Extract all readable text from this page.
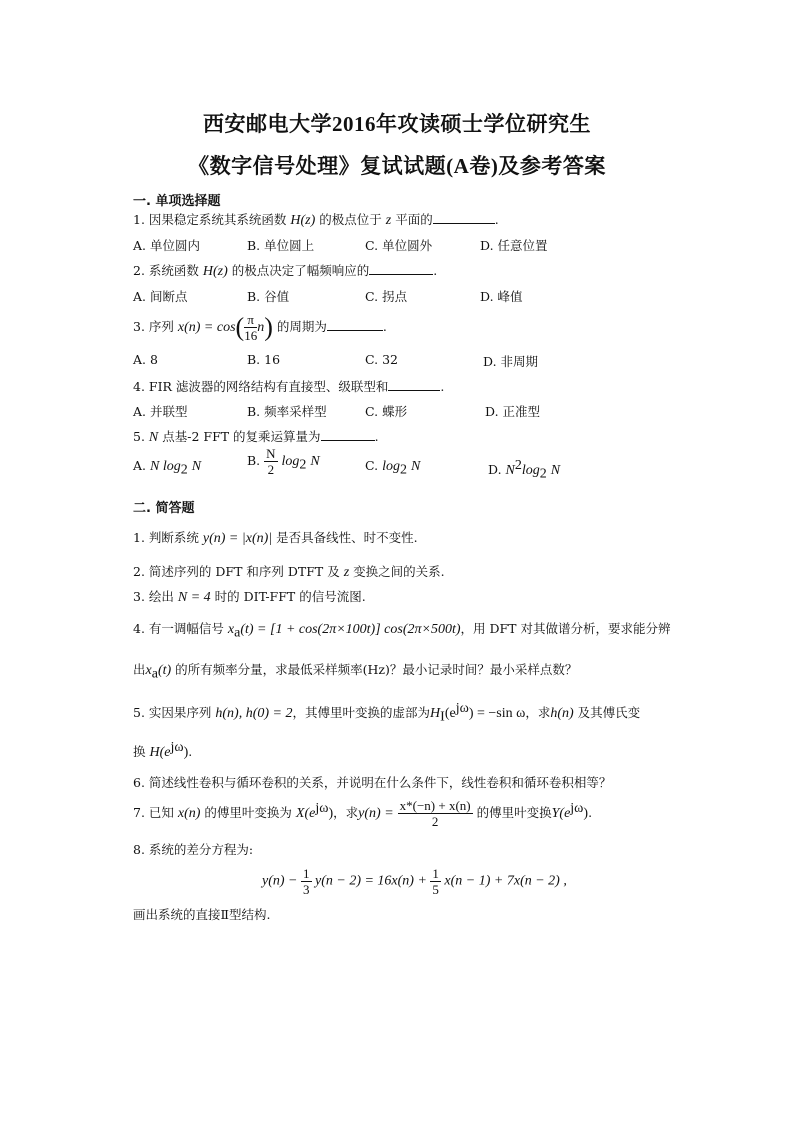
西安邮电大学2016年攻读硕士学位研究生
《数字信号处理》复试试题(A卷)及参考答案
一. 单项选择题
1. 因果稳定系统其系统函数 H(z) 的极点位于 z 平面的	.
A. 单位圆内	B. 单位圆上	C. 单位圆外	D. 任意位置
2. 系统函数 H(z) 的极点决定了幅频响应的	.
A. 间断点	B. 谷值	C. 拐点	D. 峰值
3. 序列 $x(n) = \cos( \frac{\pi}{16} n)$ 的周期为	.
A. 8	B. 16	C. 32	D. 非周期
4. FIR 滤波器的网络结构有直接型、级联型和	.
A. 并联型	B. 频率采样型	C. 蝶形	D. 正准型
5. N 点基-2 FFT 的复乘运算量为	.
A. N $\log_2 N$	B. $\frac{N}{2} \log_2 N$	C. $\log_2 N$	D. $N^2\log_2$ N
二. 简答题
1. 判断系统 y(n) = |x(n)| 是否具备线性、时不变性.
2. 简述序列的 DFT 和序列 DTFT 及 z 变换之间的关系.
3. 绘出 N = 4 时的 DIT-FFT 的信号流图.
4. 有一调幅信号 $x_a(t) = [1 + \cos(2\pi\times 100t)]$ cos(2π×500t)，用 DFT 对其做谱分析，要求能分辨
出$x_a(t)$ 的所有频率分量，求最低采样频率(Hz)？最小记录时间？最小采样点数？
5. 实因果序列 h(n), h(0) = 2，其傅里叶变换的虚部为$H_I(e^{j\omega}) = -\sin$ ω，求h(n) 及其傅氏变
换 $H(e^{j\omega})$.
6. 简述线性卷积与循环卷积的关系，并说明在什么条件下，线性卷积和循环卷积相等？
7. 已知 x(n) 的傅里叶变换为 $X(e^{j\omega})$，求$y(n) = \frac{x*(-n) + x(n)}{2}$ 的傅里叶变换$Y(e^{j\omega})$.
8. 系统的差分方程为:
$y(n) - \frac{1}{3} y(n - 2) = 16x(n) + \frac{1}{5} x(n - 1) + 7x(n - 2)$ ,
画出系统的直接Ⅱ型结构.
